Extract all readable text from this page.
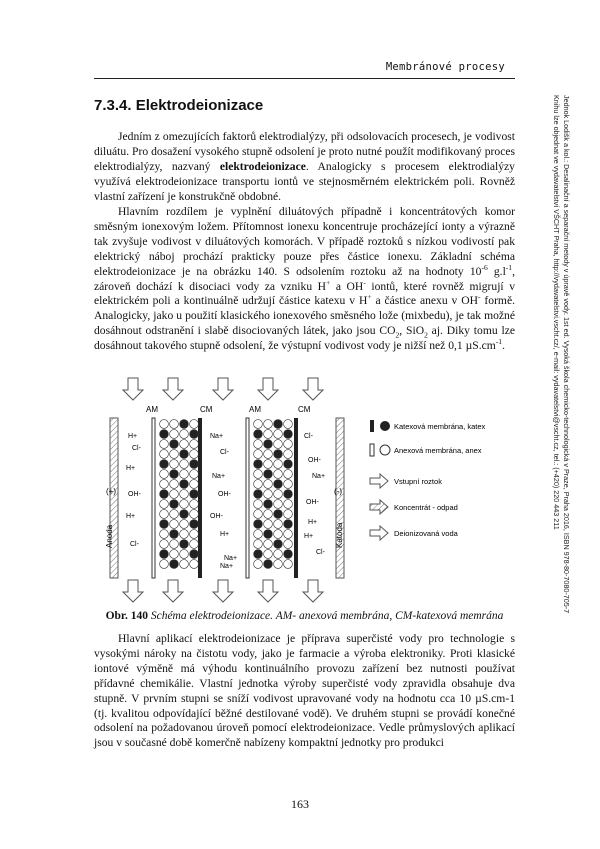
Membránové procesy
7.3.4. Elektrodeionizace	Jednok Lodišk a kol.: Desalinační a separační metody v úpravě vody. 1st ed. Vysoká škola chemicko-technologická v Praze, Praha 2016, ISBN 978-80-7080-705-7
Knihu lze objednat ve vydavatelství VŠCHT Praha, http://vydavatelstvi.vscht.cz/, e-mail: vydavatelstvi@vscht.cz, tel.: (+420) 220 443 211

Jedním z omezujících faktorů elektrodialýzy, při odsolovacích procesech, je vodivost diluátu. Pro dosažení vysokého stupně odsolení je proto nutné použít modifikovaný proces elektrodialýzy, nazvaný elektrodeionizace. Analogicky s procesem elektrodialýzy využívá elektrodeionizace transportu iontů ve stejnosměrném elektrickém poli. Rovněž vlastní zařízení je konstrukčně obdobné.

Hlavním rozdílem je vyplnění diluátových případně i koncentrátových komor směsným ionexovým ložem. Přítomnost ionexu koncentruje procházející ionty a výrazně tak zvyšuje vodivost v diluátových komorách. V případě roztoků s nízkou vodivostí pak elektrický náboj prochází prakticky pouze přes částice ionexu. Základní schéma elektrodeionizace je na obrázku 140. S odsolením roztoku až na hodnoty $10^{-6}$ $g.l^{-1}$, zároveň dochází k disociaci vody za vzniku H+ a OH- iontů, které rovněž migrují v elektrickém poli a kontinuálně udržují částice katexu v H+ a částice anexu v OH- formě. Analogicky, jako u použití klasického ionexového směsného lože (mixbedu), je tak možné dosáhnout odstranění i slabě disociovaných látek, jako jsou $CO_2$, SiO$_2$ aj. Diky tomu lze dosáhnout takového stupně odsolení, že výstupní vodivost vody je nižší než 0,1 $\mu S.cm^{-1}$.

AM	CM	AM	CM
(+)	(-)
Anoda	Katoda
H+
Cl-
H+
OH-
H+
Cl-
Na+
Cl-
Na+
OH-
OH-
H+
Na+
Cl-
OH-
Na+
OH-
H+
H+
Cl-
Na+
Katexová membrána, katex
Anexová membrána, anex
Vstupní roztok
Koncentrát - odpad
Deionizovaná voda
Obr. 140 Schéma elektrodeionizace. AM- anexová membrána, CM-katexová memrána

Hlavní aplikací elektrodeionizace je příprava superčisté vody pro technologie s vysokými nároky na čistotu vody, jako je farmacie a výroba elektroniky. Proti klasické iontové výměně má výhodu kontinuálního provozu zařízení bez nutnosti používat přídavné chemikálie. Vlastní jednotka výroby superčisté vody zpravidla obsahuje dva stupně. V prvním stupni se sníží vodivost upravované vody na hodnotu cca 10 µS.cm-1 (tj. kvalitou odpovídající běžné destilované vodě). Ve druhém stupni se provádí konečné odsolení na požadovanou úroveň pomocí elektrodeionizace. Vedle průmyslových aplikací jsou v současné době komerčně nabízeny kompaktní jednotky pro produkci

163
